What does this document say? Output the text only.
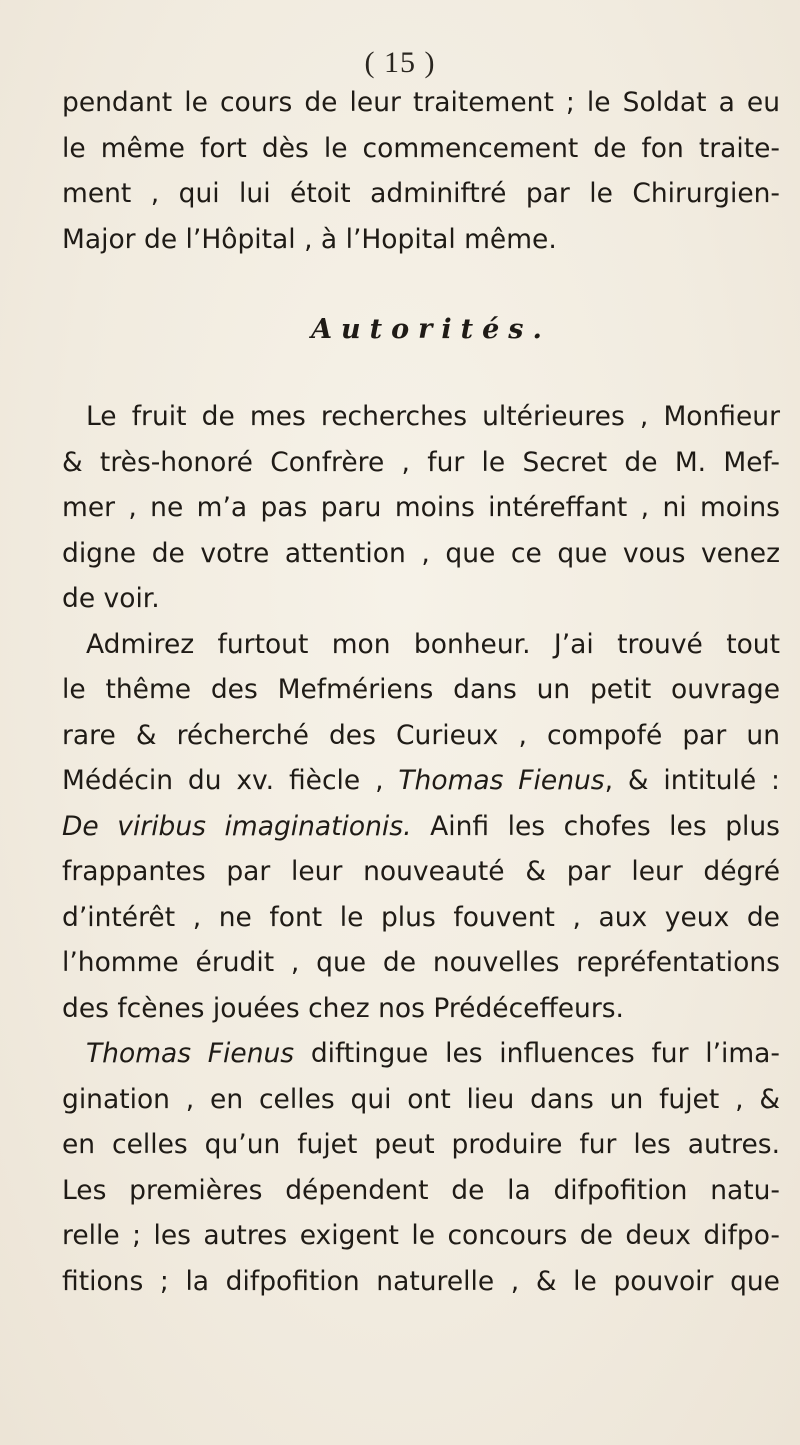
( 15 )
pendant le cours de leur traitement ; le Soldat a eu
le même fort dès le commencement de fon traite-
ment , qui lui étoit adminiftré par le Chirurgien-
Major de l’Hôpital , à l’Hopital même.
Autorités.
Le fruit de mes recherches ultérieures , Monfieur
& très-honoré Confrère , fur le Secret de M. Mef-
mer , ne m’a pas paru moins intéreffant , ni moins
digne de votre attention , que ce que vous venez
de voir.
Admirez furtout mon bonheur. J’ai trouvé tout
le thême des Mefmériens dans un petit ouvrage
rare & récherché des Curieux , compofé par un
Médécin du xv. fiècle , Thomas Fienus, & intitulé :
De viribus imaginationis. Ainfi les chofes les plus
frappantes par leur nouveauté & par leur dégré
d’intérêt , ne font le plus fouvent , aux yeux de
l’homme érudit , que de nouvelles repréfentations
des fcènes jouées chez nos Prédéceffeurs.
Thomas Fienus diftingue les influences fur l’ima-
gination , en celles qui ont lieu dans un fujet , &
en celles qu’un fujet peut produire fur les autres.
Les premières dépendent de la difpofition natu-
relle ; les autres exigent le concours de deux difpo-
fitions ; la difpofition naturelle , & le pouvoir que
